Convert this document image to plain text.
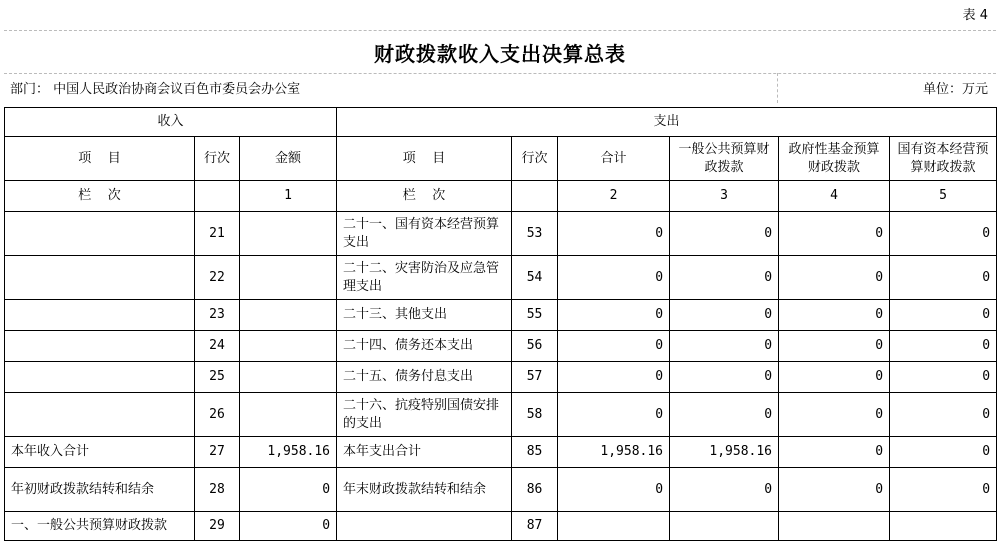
表 4
财政拨款收入支出决算总表
部门： 中国人民政治协商会议百色市委员会办公室	单位：万元
收入			支出					
项    目	行次	金额	项    目	行次	合计	一般公共预算财政拨款	政府性基金预算财政拨款	国有资本经营预算财政拨款
栏    次		1	栏    次		2	3	4	5
	21		二十一、国有资本经营预算支出	53	0	0	0	0
	22		二十二、灾害防治及应急管理支出	54	0	0	0	0
	23		二十三、其他支出	55	0	0	0	0
	24		二十四、债务还本支出	56	0	0	0	0
	25		二十五、债务付息支出	57	0	0	0	0
	26		二十六、抗疫特别国债安排的支出	58	0	0	0	0
本年收入合计	27	1,958.16	本年支出合计	85	1,958.16	1,958.16	0	0
年初财政拨款结转和结余	28	0	年末财政拨款结转和结余	86	0	0	0	0
一、一般公共预算财政拨款	29	0		87				
